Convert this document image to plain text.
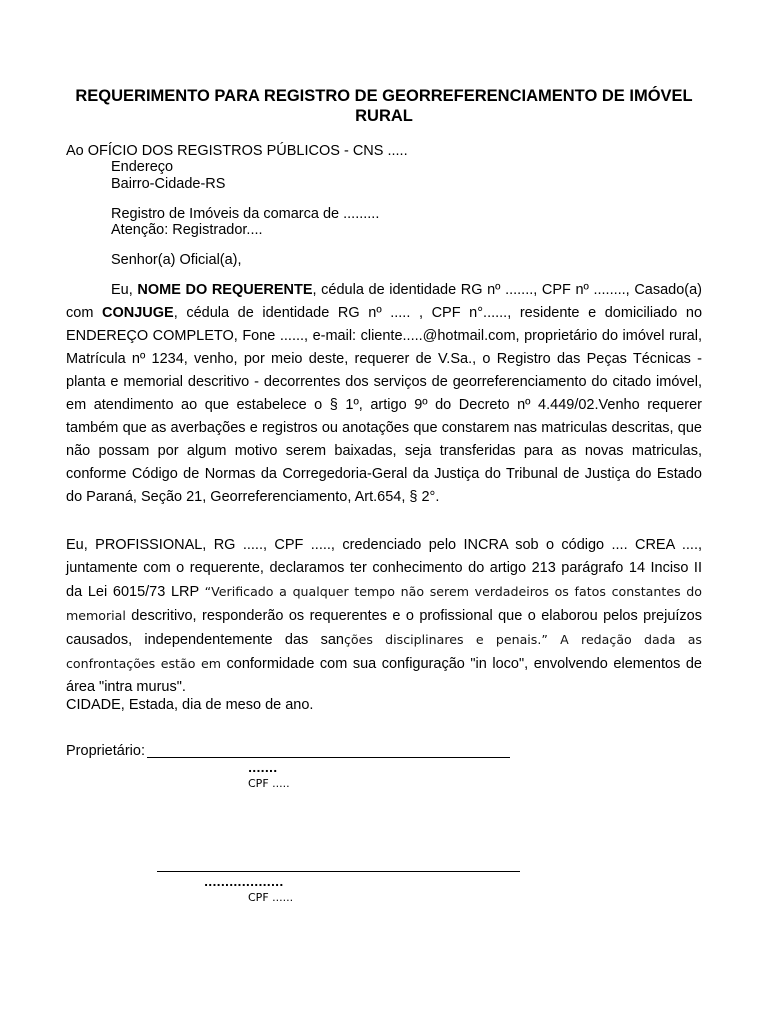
REQUERIMENTO PARA REGISTRO DE GEORREFERENCIAMENTO DE IMÓVEL RURAL
Ao OFÍCIO DOS REGISTROS PÚBLICOS - CNS .....
Endereço
Bairro-Cidade-RS
Registro de Imóveis da comarca de .........
Atenção: Registrador....
Senhor(a) Oficial(a),
Eu, NOME DO REQUERENTE, cédula de identidade RG nº ......., CPF nº ........, Casado(a) com CONJUGE, cédula de identidade RG nº ..... , CPF n°......, residente e domiciliado no ENDEREÇO COMPLETO, Fone ......, e-mail: cliente.....@hotmail.com, proprietário do imóvel rural, Matrícula nº 1234, venho, por meio deste, requerer de V.Sa., o Registro das Peças Técnicas - planta e memorial descritivo - decorrentes dos serviços de georreferenciamento do citado imóvel, em atendimento ao que estabelece o § 1º, artigo 9º do Decreto nº 4.449/02.Venho requerer também que as averbações e registros ou anotações que constarem nas matriculas descritas, que não possam por algum motivo serem baixadas, seja transferidas para as novas matriculas, conforme Código de Normas da Corregedoria-Geral da Justiça do Tribunal de Justiça do Estado do Paraná, Seção 21, Georreferenciamento, Art.654, § 2°.
Eu, PROFISSIONAL, RG ....., CPF ....., credenciado pelo INCRA sob o código .... CREA ...., juntamente com o requerente, declaramos ter conhecimento do artigo 213 parágrafo 14 Inciso II da Lei 6015/73 LRP “Verificado a qualquer tempo não serem verdadeiros os fatos constantes do memorial descritivo, responderão os requerentes e o profissional que o elaborou pelos prejuízos causados, independentemente das sanções disciplinares e penais.” A redação dada as confrontações estão em conformidade com sua configuração "in loco", envolvendo elementos de área "intra murus".
CIDADE, Estada, dia de meso de ano.
Proprietário:
.......
CPF .....
...................
CPF ......
